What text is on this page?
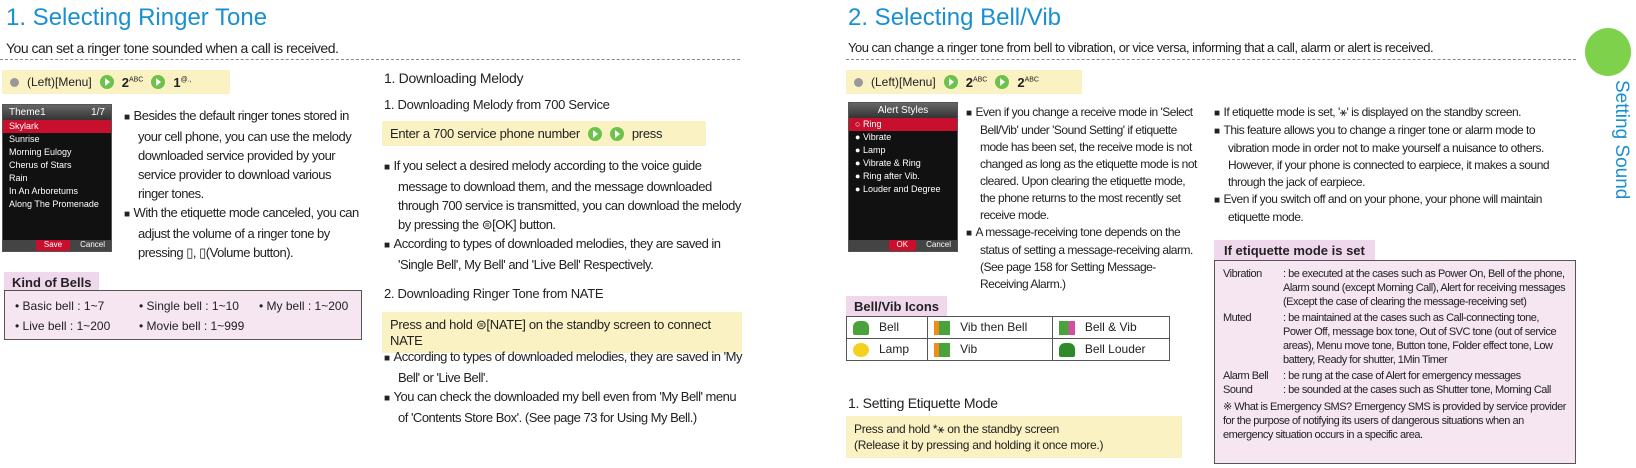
1. Selecting Ringer Tone
You can set a ringer tone sounded when a call is received.
(Left)[Menu] $2^{ABC}$ 1@.,
Theme1	1/7
Skylark
Sunrise
Morning Eulogy
Cherus of Stars
Rain
In An Arboretums
Along The Promenade
Save	Cancel

■ Besides the default ringer tones stored in your cell phone, you can use the melody downloaded service provided by your service provider to download various ringer tones.

■ With the etiquette mode canceled, you can adjust the volume of a ringer tone by pressing ▯, ▯(Volume button).

Kind of Bells
• Basic bell : 1~7	• Single bell : 1~10 • My bell : 1~200
• Live bell : 1~200 • Movie bell : 1~999
1. Downloading Melody
1. Downloading Melody from 700 Service
Enter a 700 service phone number	press

■ If you select a desired melody according to the voice guide message to download them, and the message downloaded through 700 service is transmitted, you can download the melody by pressing the ⊜[OK] button.

■ According to types of downloaded melodies, they are saved in 'Single Bell', My Bell' and 'Live Bell' Respectively.

2. Downloading Ringer Tone from NATE
Press and hold ⊜[NATE] on the standby screen to connect NATE

■ According to types of downloaded melodies, they are saved in 'My Bell' or 'Live Bell'.

■ You can check the downloaded my bell even from 'My Bell' menu of 'Contents Store Box'. (See page 73 for Using My Bell.)

2. Selecting Bell/Vib
You can change a ringer tone from bell to vibration, or vice versa, informing that a call, alarm or alert is received.
(Left)[Menu] $2^{ABC}$ $2^{ABC}$
Alert Styles
○ Ring
● Vibrate
● Lamp
● Vibrate & Ring
● Ring after Vib.
● Louder and Degree
OK	Cancel

■ Even if you change a receive mode in 'Select Bell/Vib' under 'Sound Setting' if etiquette mode has been set, the receive mode is not changed as long as the etiquette mode is not cleared. Upon clearing the etiquette mode, the phone returns to the most recently set receive mode.

■ A message-receiving tone depends on the status of setting a message-receiving alarm. (See page 158 for Setting Message-Receiving Alarm.)

Bell/Vib Icons
Bell	Vib then Bell	Bell & Vib
Lamp	Vib	Bell Louder
1. Setting Etiquette Mode
Press and hold *⚹ on the standby screen
(Release it by pressing and holding it once more.)

■ If etiquette mode is set, '⚹' is displayed on the standby screen.

■ This feature allows you to change a ringer tone or alarm mode to vibration mode in order not to make yourself a nuisance to others. However, if your phone is connected to earpiece, it makes a sound through the jack of earpiece.

■ Even if you switch off and on your phone, your phone will maintain etiquette mode.

If etiquette mode is set
Vibration	: be executed at the cases such as Power On, Bell of the phone, Alarm sound (except Morning Call), Alert for receiving messages (Except the case of clearing the message-receiving set)
Muted	: be maintained at the cases such as Call-connecting tone, Power Off, message box tone, Out of SVC tone (out of service areas), Menu move tone, Button tone, Folder effect tone, Low battery, Ready for shutter, 1Min Timer
Alarm Bell	: be rung at the case of Alert for emergency messages
Sound	: be sounded at the cases such as Shutter tone, Morning Call
※ What is Emergency SMS? Emergency SMS is provided by service provider for the purpose of notifying its users of dangerous situations when an emergency situation occurs in a specific area.
Setting Sound
